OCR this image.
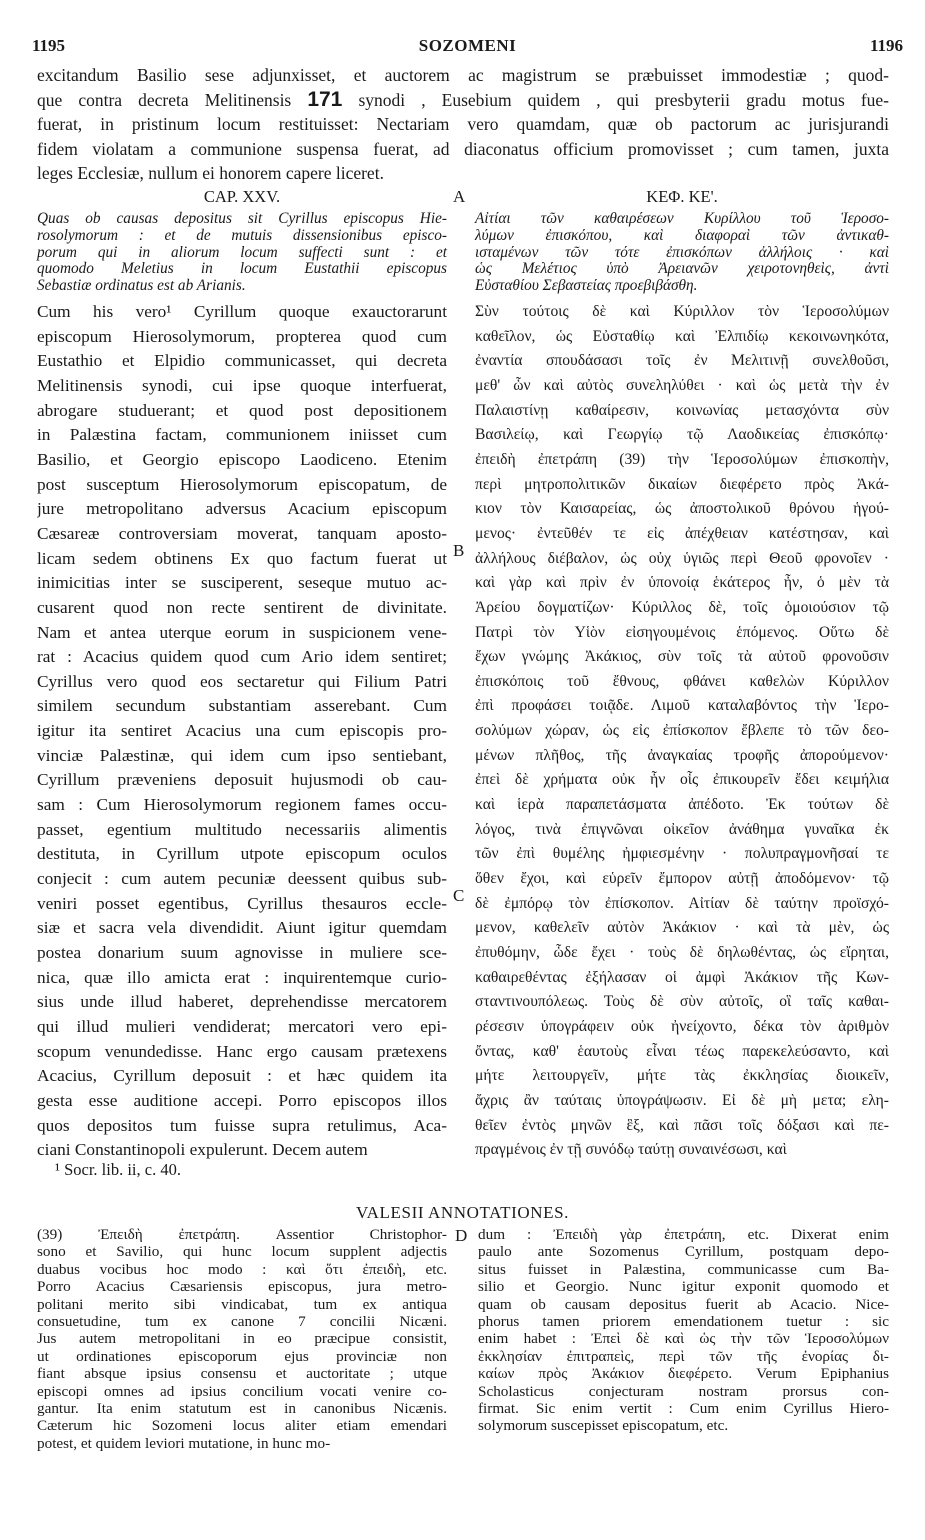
1195	SOZOMENI	1196
excitandum Basilio sese adjunxisset, et auctorem ac magistrum se præbuisset immodestiæ ; quod-
que contra decreta Melitinensis 171 synodi , Eusebium quidem , qui presbyterii gradu motus fue-
fuerat, in pristinum locum restituisset: Nectariam vero quamdam, quæ ob pactorum ac jurisjurandi
fidem violatam a communione suspensa fuerat, ad diaconatus officium promovisset ; cum tamen, juxta
leges Ecclesiæ, nullum ei honorem capere liceret.
A
B
C
D
CAP. XXV.
Quas ob causas depositus sit Cyrillus episcopus Hie-
rosolymorum : et de mutuis dissensionibus episco-
porum qui in aliorum locum suffecti sunt : et
quomodo Meletius in locum Eustathii episcopus
Sebastiæ ordinatus est ab Arianis.
Cum his vero¹ Cyrillum quoque exauctorarunt
episcopum Hierosolymorum, propterea quod cum
Eustathio et Elpidio communicasset, qui decreta
Melitinensis synodi, cui ipse quoque interfuerat,
abrogare studuerant; et quod post depositionem
in Palæstina factam, communionem iniisset cum
Basilio, et Georgio episcopo Laodiceno. Etenim
post susceptum Hierosolymorum episcopatum, de
jure metropolitano adversus Acacium episcopum
Cæsareæ controversiam moverat, tanquam aposto-
licam sedem obtinens Ex quo factum fuerat ut
inimicitias inter se susciperent, seseque mutuo ac-
cusarent quod non recte sentirent de divinitate.
Nam et antea uterque eorum in suspicionem vene-
rat : Acacius quidem quod cum Ario idem sentiret;
Cyrillus vero quod eos sectaretur qui Filium Patri
similem secundum substantiam asserebant. Cum
igitur ita sentiret Acacius una cum episcopis pro-
vinciæ Palæstinæ, qui idem cum ipso sentiebant,
Cyrillum præveniens deposuit hujusmodi ob cau-
sam : Cum Hierosolymorum regionem fames occu-
passet, egentium multitudo necessariis alimentis
destituta, in Cyrillum utpote episcopum oculos
conjecit : cum autem pecuniæ deessent quibus sub-
veniri posset egentibus, Cyrillus thesauros eccle-
siæ et sacra vela divendidit. Aiunt igitur quemdam
postea donarium suum agnovisse in muliere sce-
nica, quæ illo amicta erat : inquirentemque curio-
sius unde illud haberet, deprehendisse mercatorem
qui illud mulieri vendiderat; mercatori vero epi-
scopum venundedisse. Hanc ergo causam prætexens
Acacius, Cyrillum deposuit : et hæc quidem ita
gesta esse auditione accepi. Porro episcopos illos
quos depositos tum fuisse supra retulimus, Aca-
ciani Constantinopoli expulerunt. Decem autem
ΚΕΦ. ΚΕ'.
Αἰτίαι τῶν καθαιρέσεων Κυρίλλου τοῦ Ἱεροσο-
λύμων ἐπισκόπου, καὶ διαφοραὶ τῶν ἀντικαθ-
ισταμένων τῶν τότε ἐπισκόπων ἀλλήλοις · καὶ
ὡς Μελέτιος ὑπὸ Ἀρειανῶν χειροτονηθεὶς, ἀντὶ
Εὐσταθίου Σεβαστείας προεβιβάσθη.
Σὺν τούτοις δὲ καὶ Κύριλλον τὸν Ἱεροσολύμων
καθεῖλον, ὡς Εὐσταθίῳ καὶ Ἐλπιδίῳ κεκοινωνηκότα,
ἐναντία σπουδάσασι τοῖς ἐν Μελιτινῇ συνελθοῦσι,
μεθ' ὧν καὶ αὐτὸς συνεληλύθει · καὶ ὡς μετὰ τὴν ἐν
Παλαιστίνῃ καθαίρεσιν, κοινωνίας μετασχόντα σὺν
Βασιλείῳ, καὶ Γεωργίῳ τῷ Λαοδικείας ἐπισκόπῳ·
ἐπειδὴ ἐπετράπη (39) τὴν Ἱεροσολύμων ἐπισκοπὴν,
περὶ μητροπολιτικῶν δικαίων διεφέρετο πρὸς Ἀκά-
κιον τὸν Καισαρείας, ὡς ἀποστολικοῦ θρόνου ἡγού-
μενος· ἐντεῦθέν τε εἰς ἀπέχθειαν κατέστησαν, καὶ
ἀλλήλους διέβαλον, ὡς οὐχ ὑγιῶς περὶ Θεοῦ φρονοῖεν ·
καὶ γὰρ καὶ πρὶν ἐν ὑπονοίᾳ ἑκάτερος ἦν, ὁ μὲν τὰ
Ἀρείου δογματίζων· Κύριλλος δὲ, τοῖς ὁμοιούσιον τῷ
Πατρὶ τὸν Υἱὸν εἰσηγουμένοις ἑπόμενος. Οὕτω δὲ
ἔχων γνώμης Ἀκάκιος, σὺν τοῖς τὰ αὐτοῦ φρονοῦσιν
ἐπισκόποις τοῦ ἔθνους, φθάνει καθελὼν Κύριλλον
ἐπὶ προφάσει τοιᾷδε. Λιμοῦ καταλαβόντος τὴν Ἱερο-
σολύμων χώραν, ὡς εἰς ἐπίσκοπον ἔβλεπε τὸ τῶν δεο-
μένων πλῆθος, τῆς ἀναγκαίας τροφῆς ἀπορούμενον·
ἐπεὶ δὲ χρήματα οὐκ ἦν οἷς ἐπικουρεῖν ἔδει κειμήλια
καὶ ἱερὰ παραπετάσματα ἀπέδοτο. Ἐκ τούτων δὲ
λόγος, τινὰ ἐπιγνῶναι οἰκεῖον ἀνάθημα γυναῖκα ἐκ
τῶν ἐπὶ θυμέλης ἠμφιεσμένην · πολυπραγμονῆσαί τε
ὅθεν ἔχοι, καὶ εὑρεῖν ἔμπορον αὐτῇ ἀποδόμενον· τῷ
δὲ ἐμπόρῳ τὸν ἐπίσκοπον. Αἰτίαν δὲ ταύτην προϊσχό-
μενον, καθελεῖν αὐτὸν Ἀκάκιον · καὶ τὰ μὲν, ὡς
ἐπυθόμην, ὧδε ἔχει · τοὺς δὲ δηλωθέντας, ὡς εἴρηται,
καθαιρεθέντας ἐξήλασαν οἱ ἀμφὶ Ἀκάκιον τῆς Κων-
σταντινουπόλεως. Τοὺς δὲ σὺν αὐτοῖς, οἳ ταῖς καθαι-
ρέσεσιν ὑπογράφειν οὐκ ἠνείχοντο, δέκα τὸν ἀριθμὸν
ὄντας, καθ' ἑαυτοὺς εἶναι τέως παρεκελεύσαντο, καὶ
μήτε λειτουργεῖν, μήτε τὰς ἐκκλησίας διοικεῖν,
ἄχρις ἂν ταύταις ὑπογράψωσιν. Εἰ δὲ μὴ μετα; ελη-
θεῖεν ἐντὸς μηνῶν ἓξ, καὶ πᾶσι τοῖς δόξασι καὶ πε-
πραγμένοις ἐν τῇ συνόδῳ ταύτῃ συναινέσωσι, καὶ
¹ Socr. lib. ii, c. 40.
VALESII ANNOTATIONES.
(39) Ἐπειδὴ ἐπετράπη. Assentior Christophor-
sono et Savilio, qui hunc locum supplent adjectis
duabus vocibus hoc modo : καὶ ὅτι ἐπειδὴ, etc.
Porro Acacius Cæsariensis episcopus, jura metro-
politani merito sibi vindicabat, tum ex antiqua
consuetudine, tum ex canone 7 concilii Nicæni.
Jus autem metropolitani in eo præcipue consistit,
ut ordinationes episcoporum ejus provinciæ non
fiant absque ipsius consensu et auctoritate ; utque
episcopi omnes ad ipsius concilium vocati venire co-
gantur. Ita enim statutum est in canonibus Nicænis.
Cæterum hic Sozomeni locus aliter etiam emendari
potest, et quidem leviori mutatione, in hunc mo-
dum : Ἐπειδὴ γὰρ ἐπετράπη, etc. Dixerat enim
paulo ante Sozomenus Cyrillum, postquam depo-
situs fuisset in Palæstina, communicasse cum Ba-
silio et Georgio. Nunc igitur exponit quomodo et
quam ob causam depositus fuerit ab Acacio. Nice-
phorus tamen priorem emendationem tuetur : sic
enim habet : Ἐπεὶ δὲ καὶ ὡς τὴν τῶν Ἱεροσολύμων
ἐκκλησίαν ἐπιτραπεὶς, περὶ τῶν τῆς ἐνορίας δι-
καίων πρὸς Ἀκάκιον διεφέρετο. Verum Epiphanius
Scholasticus conjecturam nostram prorsus con-
firmat. Sic enim vertit : Cum enim Cyrillus Hiero-
solymorum suscepisset episcopatum, etc.
